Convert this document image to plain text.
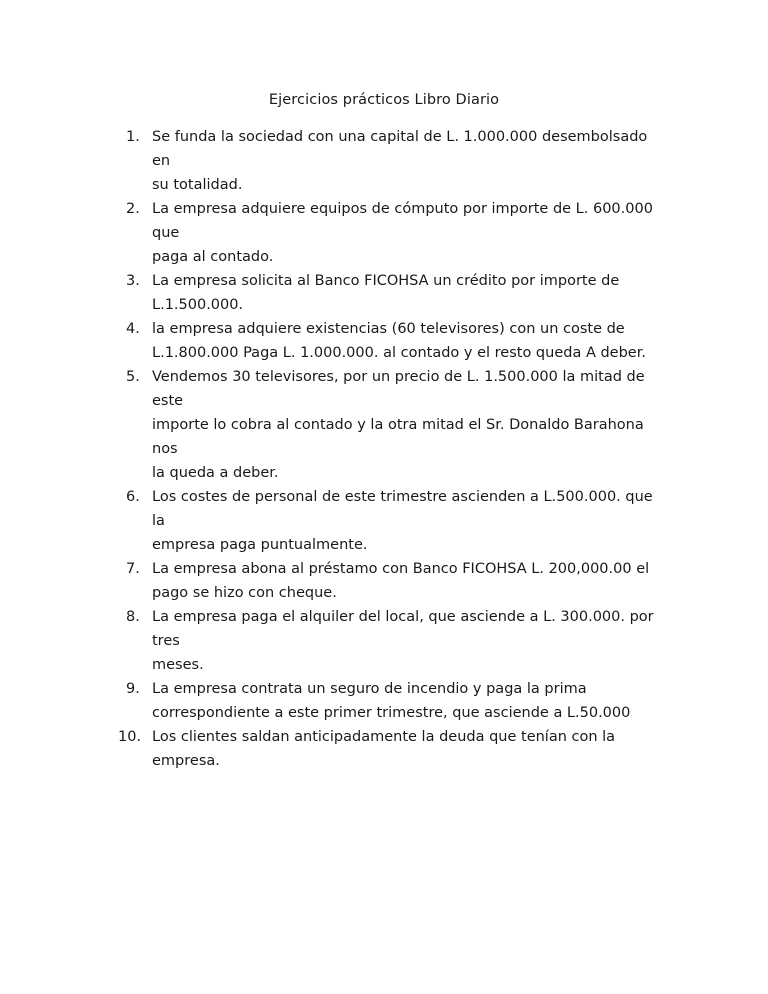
Ejercicios prácticos Libro Diario
1. Se funda la sociedad con una capital de L. 1.000.000 desembolsado en
su totalidad.
2. La empresa adquiere equipos de cómputo por importe de L. 600.000 que
paga al contado.
3. La empresa solicita al Banco FICOHSA un crédito por importe de
L.1.500.000.
4. la empresa adquiere existencias (60 televisores) con un coste de
L.1.800.000 Paga L. 1.000.000. al contado y el resto queda A deber.
5. Vendemos 30 televisores, por un precio de L. 1.500.000 la mitad de este
importe lo cobra al contado y la otra mitad el Sr. Donaldo Barahona nos
la queda a deber.
6. Los costes de personal de este trimestre ascienden a L.500.000. que la
empresa paga puntualmente.
7. La empresa abona al préstamo con Banco FICOHSA L. 200,000.00 el
pago se hizo con cheque.
8. La empresa paga el alquiler del local, que asciende a L. 300.000. por tres
meses.
9. La empresa contrata un seguro de incendio y paga la prima
correspondiente a este primer trimestre, que asciende a L.50.000
10. Los clientes saldan anticipadamente la deuda que tenían con la empresa.
